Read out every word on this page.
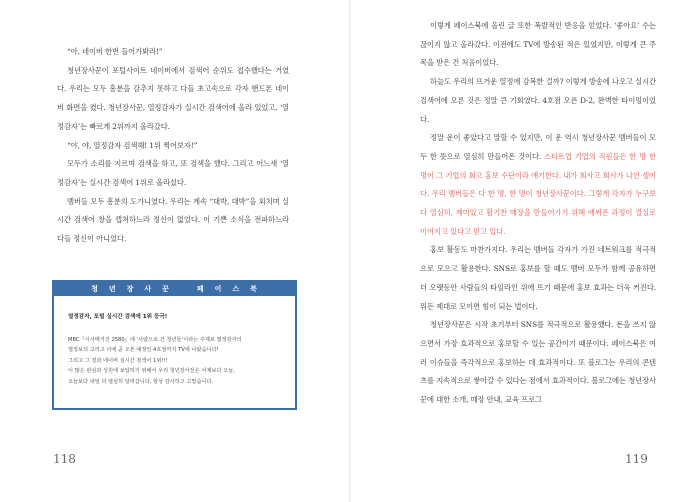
“아, 네이버 한번 들어가봐라!”

청년장사꾼이 포털사이트 네이버에서 검색어 순위도 접수했다는 거였다. 우리는 모두 흥분을 감추지 못하고 다들 초고속으로 각자 핸드폰 네이버 화면을 켰다. 청년장사꾼, 열정감자가 실시간 검색어에 올라 있었고, ‘열정감자’는 빠르게 2위까지 올라갔다.

“야, 야, 열정감자 검색해! 1위 찍어보자!”

모두가 소리를 지르며 검색을 하고, 또 검색을 했다. 그리고 어느새 ‘열정감자’는 실시간 검색어 1위로 올라섰다.

멤버들 모두 흥분의 도가니였다. 우리는 계속 “대박, 대박”을 외치며 실시간 검색어 창을 캡쳐하느라 정신이 없었다. 이 기쁜 소식을 전파하느라 다들 정신이 아니었다.

청 년 장 사 꾼
	페 이 스 북
열정감자, 포털 실시간 검색에 1위 등극!

MBC『시사매거진 2580』에 ‘사람으로 간 청년들’이라는 주제로 열정감자의

열정보되 고리고 이에 곧 오픈 예정인 4호점까지 TV에 나왔습니다!

그리고 그 결과 네이버 실시간 검색어 1위!!!

이 많은 관심과 성원에 보답하기 위해서 우리 청년장사꾼은 어제보다 오늘,

오늘보다 내일 더 열심히 달려갑니다. 항상 감사하고 고맙습니다.

118

이렇게 페이스북에 올린 글 또한 폭발적인 반응을 얻었다. ‘좋아요’ 수는 끊이지 않고 올라갔다. 이전에도 TV에 방송된 적은 있었지만, 이렇게 큰 주목을 받은 건 처음이었다.

하늘도 우리의 뜨거운 열정에 감복한 걸까? 이렇게 방송에 나오고 실시간 검색어에 오른 것은 정말 큰 기회였다. 4호점 오픈 D-2, 완벽한 타이밍이었다.

정말 운이 좋았다고 말할 수 있지만, 이 운 역시 청년장사꾼 멤버들이 모두 한 뜻으로 열심히 만들어온 것이다. 스타트업 기업의 직원들은 한 명 한 명이 그 기업의 회고 홍보 수단이라 얘기한다. 내가 회사고 회사가 나인 셈이다. 우리 멤버들은 다 한 명, 한 명이 청년장사꾼이다. 그렇게 각자가 누구보다 열심히, 재미있고 활기찬 매장을 만들어가기 위해 애써온 과정이 결실로 이어지고 있다고 믿고 있다.

홍보 활동도 마찬가지다. 우리는 멤버들 각자가 가진 네트워크를 적극적으로 모으고 활용한다. SNS로 홍보를 할 때도 멤버 모두가 함께 공유하면 더 오랫동안 사람들의 타임라인 위에 뜨기 때문에 홍보 효과는 더욱 커진다. 뭐든 제대로 모이면 힘이 되는 법이다.

청년장사꾼은 시작 초기부터 SNS를 적극적으로 활용했다. 돈을 쓰지 않으면서 가장 효과적으로 홍보할 수 있는 공간이기 때문이다. 페이스북은 여러 이슈들을 즉각적으로 홍보하는 데 효과적이다. 또 블로그는 우리의 콘텐츠를 지속적으로 쌓아갈 수 있다는 점에서 효과적이다. 블로그에는 청년장사꾼에 대한 소개, 매장 안내, 교육 프로그

119
